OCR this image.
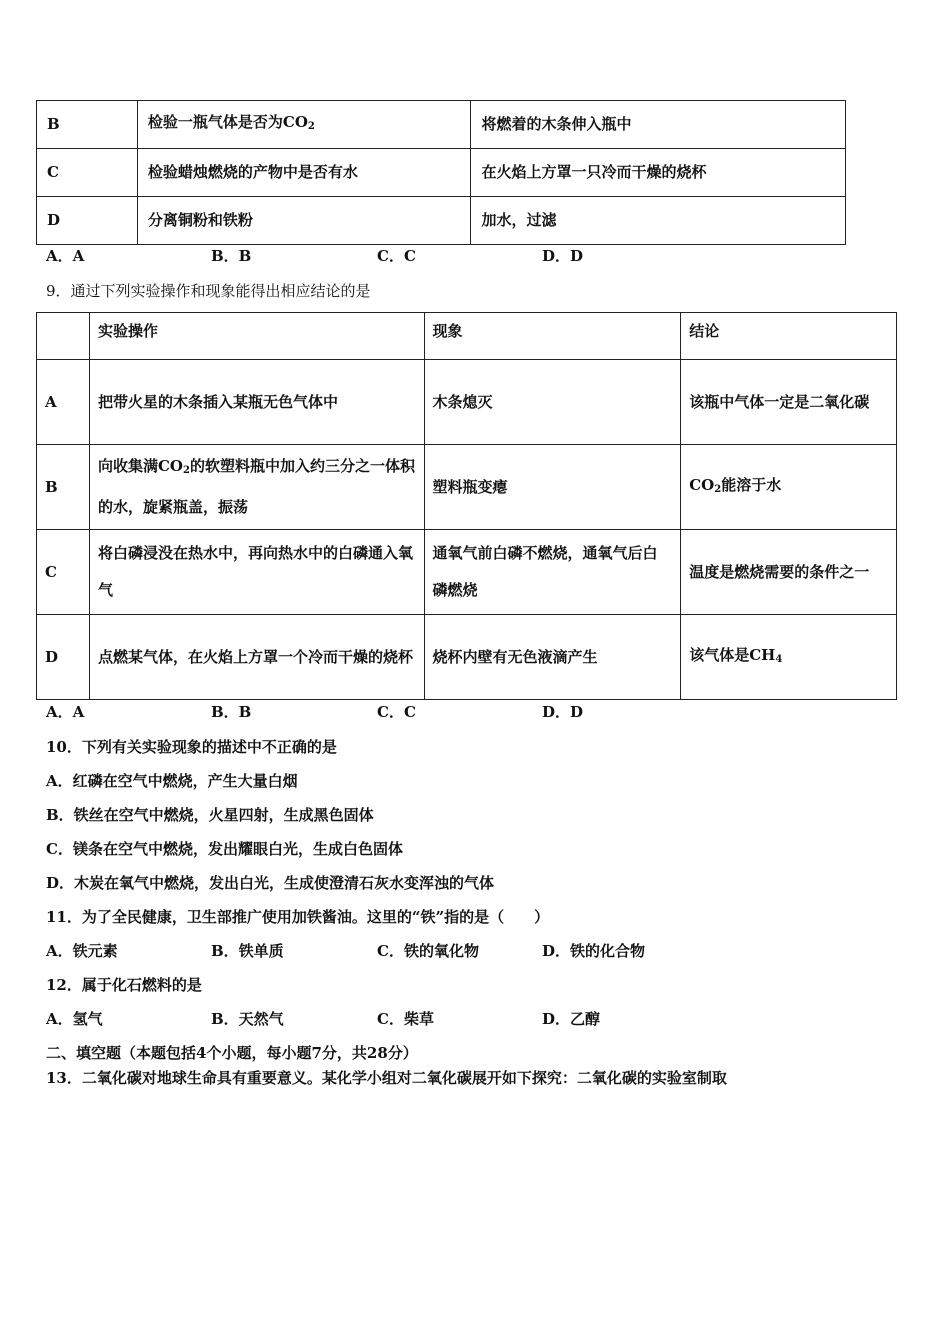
B	检验一瓶气体是否为$CO_2$	将燃着的木条伸入瓶中
C	检验蜡烛燃烧的产物中是否有水	在火焰上方罩一只冷而干燥的烧杯
D	分离铜粉和铁粉	加水，过滤
A．A	B．B	C．C	D．D
9．通过下列实验操作和现象能得出相应结论的是
	实验操作	现象	结论
A	把带火星的木条插入某瓶无色气体中	木条熄灭	该瓶中气体一定是二氧化碳
B	向收集满$CO_2$的软塑料瓶中加入约三分之一体积的水，旋紧瓶盖，振荡	塑料瓶变瘪	$CO_2$能溶于水
C	将白磷浸没在热水中，再向热水中的白磷通入氧气	通氧气前白磷不燃烧，通氧气后白磷燃烧	温度是燃烧需要的条件之一
D	点燃某气体，在火焰上方罩一个冷而干燥的烧杯	烧杯内壁有无色液滴产生	该气体是$CH_4$
A．A	B．B	C．C	D．D
10．下列有关实验现象的描述中不正确的是
A．红磷在空气中燃烧，产生大量白烟
B．铁丝在空气中燃烧，火星四射，生成黑色固体
C．镁条在空气中燃烧，发出耀眼白光，生成白色固体
D．木炭在氧气中燃烧，发出白光，生成使澄清石灰水变浑浊的气体
11．为了全民健康，卫生部推广使用加铁酱油。这里的“铁”指的是（　　）
A．铁元素	B．铁单质	C．铁的氧化物	D．铁的化合物
12．属于化石燃料的是
A．氢气	B．天然气	C．柴草	D．乙醇
二、填空题（本题包括4个小题，每小题7分，共28分）
13．二氧化碳对地球生命具有重要意义。某化学小组对二氧化碳展开如下探究：二氧化碳的实验室制取
